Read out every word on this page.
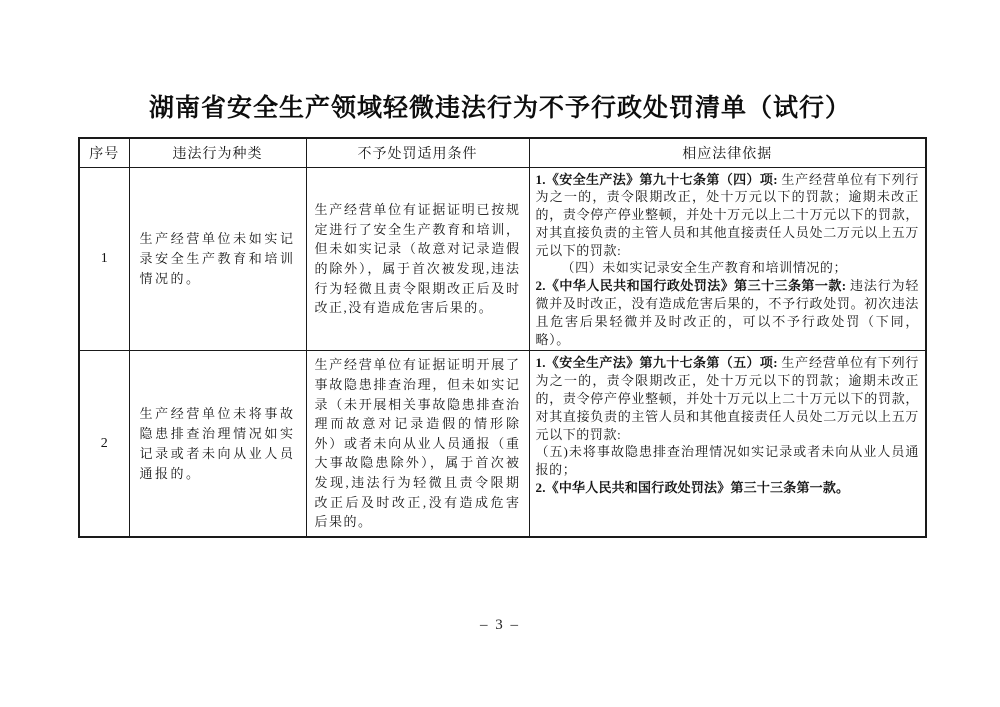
湖南省安全生产领域轻微违法行为不予行政处罚清单（试行）
序号	违法行为种类	不予处罚适用条件	相应法律依据
1	生产经营单位未如实记录安全生产教育和培训情况的。	生产经营单位有证据证明已按规定进行了安全生产教育和培训，但未如实记录（故意对记录造假的除外），属于首次被发现,违法行为轻微且责令限期改正后及时改正,没有造成危害后果的。	1.《安全生产法》第九十七条第（四）项: 生产经营单位有下列行为之一的，责令限期改正，处十万元以下的罚款；逾期未改正的，责令停产停业整顿，并处十万元以上二十万元以下的罚款，对其直接负责的主管人员和其他直接责任人员处二万元以上五万元以下的罚款:

（四）未如实记录安全生产教育和培训情况的；

2.《中华人民共和国行政处罚法》第三十三条第一款: 违法行为轻微并及时改正，没有造成危害后果的，不予行政处罚。初次违法且危害后果轻微并及时改正的，可以不予行政处罚（下同，略）。

2	生产经营单位未将事故隐患排查治理情况如实记录或者未向从业人员通报的。	生产经营单位有证据证明开展了事故隐患排查治理，但未如实记录（未开展相关事故隐患排查治理而故意对记录造假的情形除外）或者未向从业人员通报（重大事故隐患除外），属于首次被发现,违法行为轻微且责令限期改正后及时改正,没有造成危害后果的。	1.《安全生产法》第九十七条第（五）项: 生产经营单位有下列行为之一的，责令限期改正，处十万元以下的罚款；逾期未改正的，责令停产停业整顿，并处十万元以上二十万元以下的罚款，对其直接负责的主管人员和其他直接责任人员处二万元以上五万元以下的罚款:

（五)未将事故隐患排查治理情况如实记录或者未向从业人员通报的；

2.《中华人民共和国行政处罚法》第三十三条第一款。

– 3 –
